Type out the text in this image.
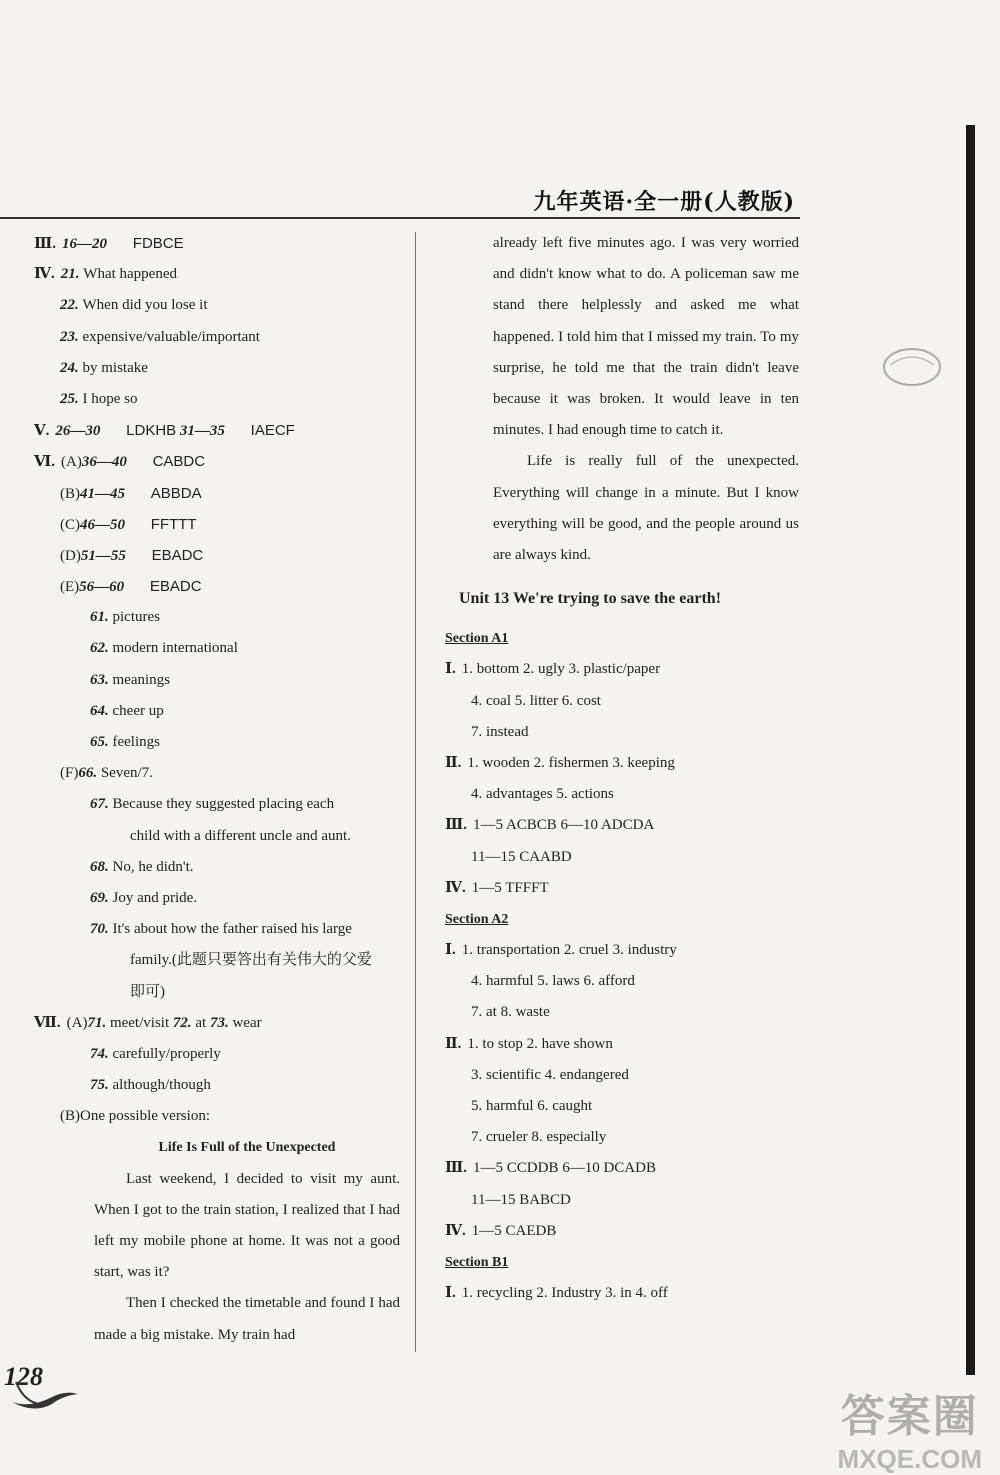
九年英语·全一册(人教版)
Ⅲ. 16—20 FDBCE
Ⅳ. 21. What happened
22. When did you lose it
23. expensive/valuable/important
24. by mistake
25. I hope so
Ⅴ. 26—30 LDKHB 31—35 IAECF
Ⅵ. (A)36—40 CABDC
(B)41—45 ABBDA
(C)46—50 FFTTT
(D)51—55 EBADC
(E)56—60 EBADC
61. pictures
62. modern international
63. meanings
64. cheer up
65. feelings
(F)66. Seven/7.
67. Because they suggested placing each
child with a different uncle and aunt.
68. No, he didn't.
69. Joy and pride.
70. It's about how the father raised his large
family.(此题只要答出有关伟大的父爱
即可)
Ⅶ. (A)71. meet/visit 72. at 73. wear
74. carefully/properly
75. although/though
(B)One possible version:
Life Is Full of the Unexpected
Last weekend, I decided to visit my aunt. When I got to the train station, I realized that I had left my mobile phone at home. It was not a good start, was it?
Then I checked the timetable and found I had made a big mistake. My train had
already left five minutes ago. I was very worried and didn't know what to do. A policeman saw me stand there helplessly and asked me what happened. I told him that I missed my train. To my surprise, he told me that the train didn't leave because it was broken. It would leave in ten minutes. I had enough time to catch it.
Life is really full of the unexpected. Everything will change in a minute. But I know everything will be good, and the people around us are always kind.
Unit 13 We're trying to save the earth!
Section A1
Ⅰ. 1. bottom 2. ugly 3. plastic/paper
4. coal 5. litter 6. cost
7. instead
Ⅱ. 1. wooden 2. fishermen 3. keeping
4. advantages 5. actions
Ⅲ. 1—5 ACBCB 6—10 ADCDA
11—15 CAABD
Ⅳ. 1—5 TFFFT
Section A2
Ⅰ. 1. transportation 2. cruel 3. industry
4. harmful 5. laws 6. afford
7. at 8. waste
Ⅱ. 1. to stop 2. have shown
3. scientific 4. endangered
5. harmful 6. caught
7. crueler 8. especially
Ⅲ. 1—5 CCDDB 6—10 DCADB
11—15 BABCD
Ⅳ. 1—5 CAEDB
Section B1
Ⅰ. 1. recycling 2. Industry 3. in 4. off
128
答案圈
MXQE.COM
